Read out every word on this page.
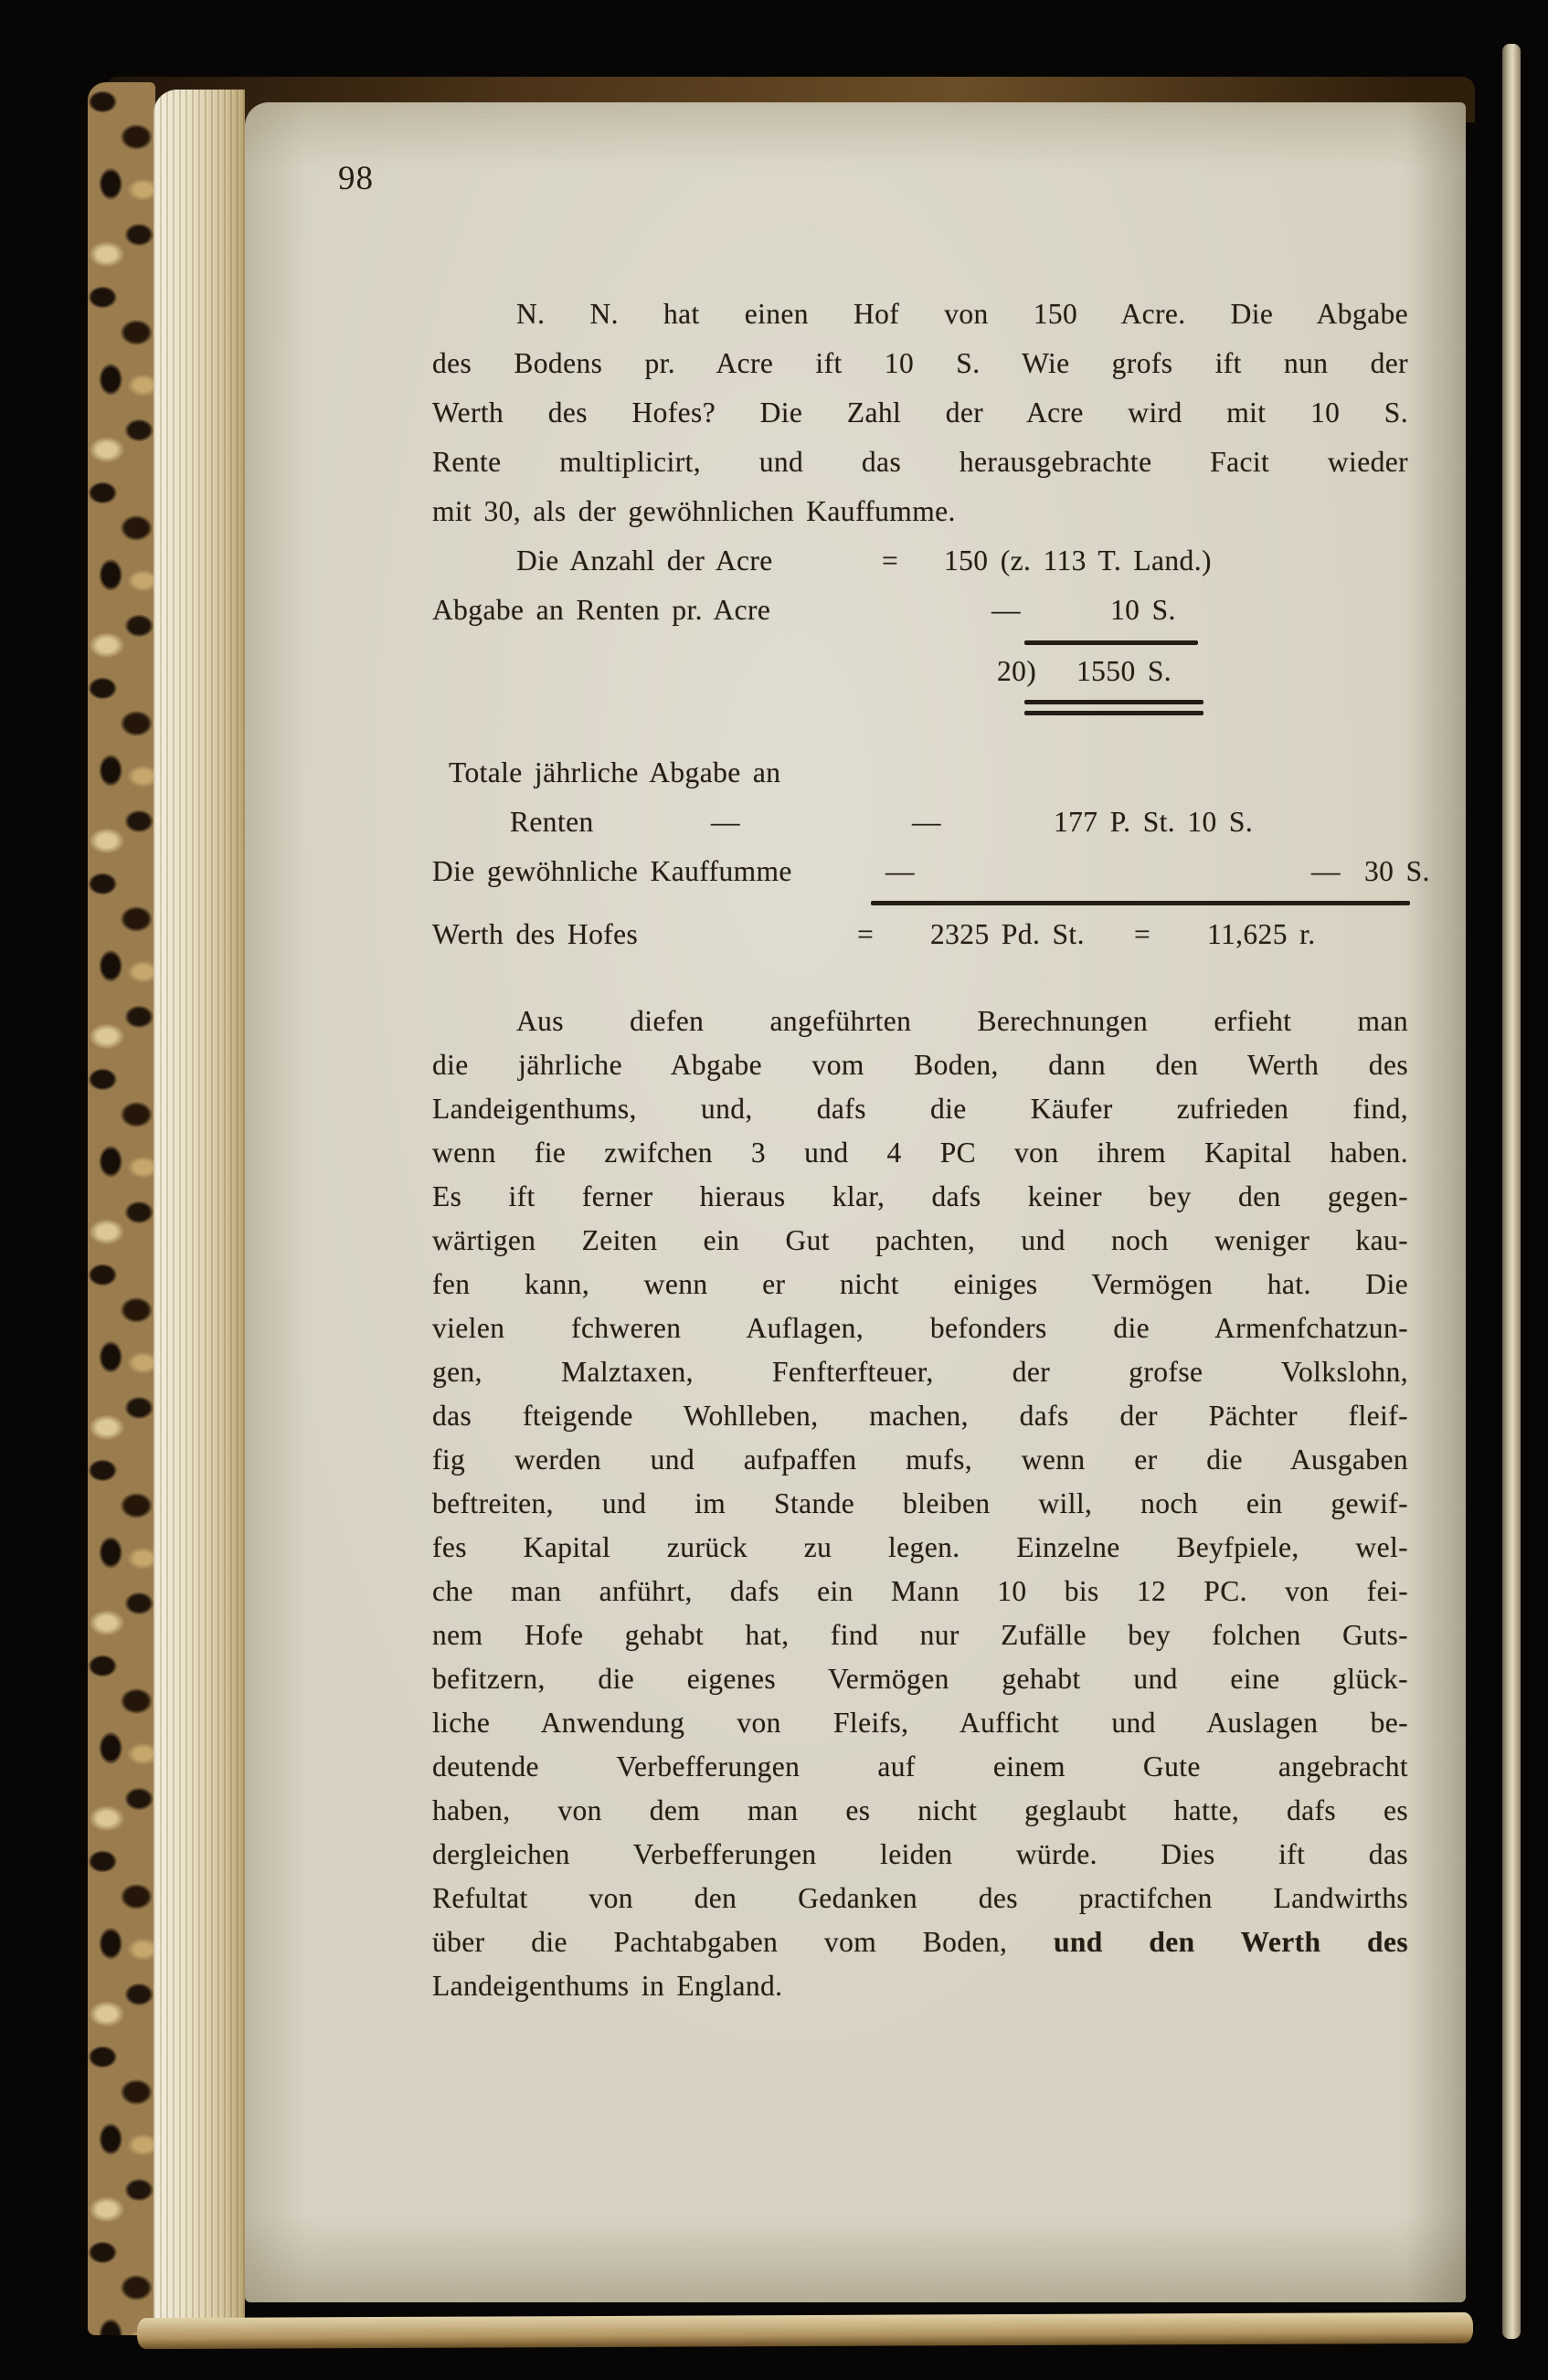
98
N. N. hat einen Hof von 150 Acre. Die Abgabe
des Bodens pr. Acre ift 10 S. Wie grofs ift nun der
Werth des Hofes? Die Zahl der Acre wird mit 10 S.
Rente multiplicirt, und das herausgebrachte Facit wieder
mit 30, als der gewöhnlichen Kauffumme.
Die Anzahl der Acre	= 150 (z. 113 T. Land.)
Abgabe an Renten pr. Acre	—	10 S.
20) 1550 S.
Totale jährliche Abgabe an
Renten	—	—	177 P. St. 10 S.
Die gewöhnliche Kauffumme	—	— 30 S.
Werth des Hofes	= 2325 Pd. St. = 11,625 r.
Aus diefen angeführten Berechnungen erfieht man
die jährliche Abgabe vom Boden, dann den Werth des
Landeigenthums, und, dafs die Käufer zufrieden find,
wenn fie zwifchen 3 und 4 PC von ihrem Kapital haben.
Es ift ferner hieraus klar, dafs keiner bey den gegen-
wärtigen Zeiten ein Gut pachten, und noch weniger kau-
fen kann, wenn er nicht einiges Vermögen hat. Die
vielen fchweren Auflagen, befonders die Armenfchatzun-
gen, Malztaxen, Fenfterfteuer, der grofse Volkslohn,
das fteigende Wohlleben, machen, dafs der Pächter fleif-
fig werden und aufpaffen mufs, wenn er die Ausgaben
beftreiten, und im Stande bleiben will, noch ein gewif-
fes Kapital zurück zu legen. Einzelne Beyfpiele, wel-
che man anführt, dafs ein Mann 10 bis 12 PC. von fei-
nem Hofe gehabt hat, find nur Zufälle bey folchen Guts-
befitzern, die eigenes Vermögen gehabt und eine glück-
liche Anwendung von Fleifs, Aufficht und Auslagen be-
deutende Verbefferungen auf einem Gute angebracht
haben, von dem man es nicht geglaubt hatte, dafs es
dergleichen Verbefferungen leiden würde. Dies ift das
Refultat von den Gedanken des practifchen Landwirths
über die Pachtabgaben vom Boden, und den Werth des
Landeigenthums in England.
